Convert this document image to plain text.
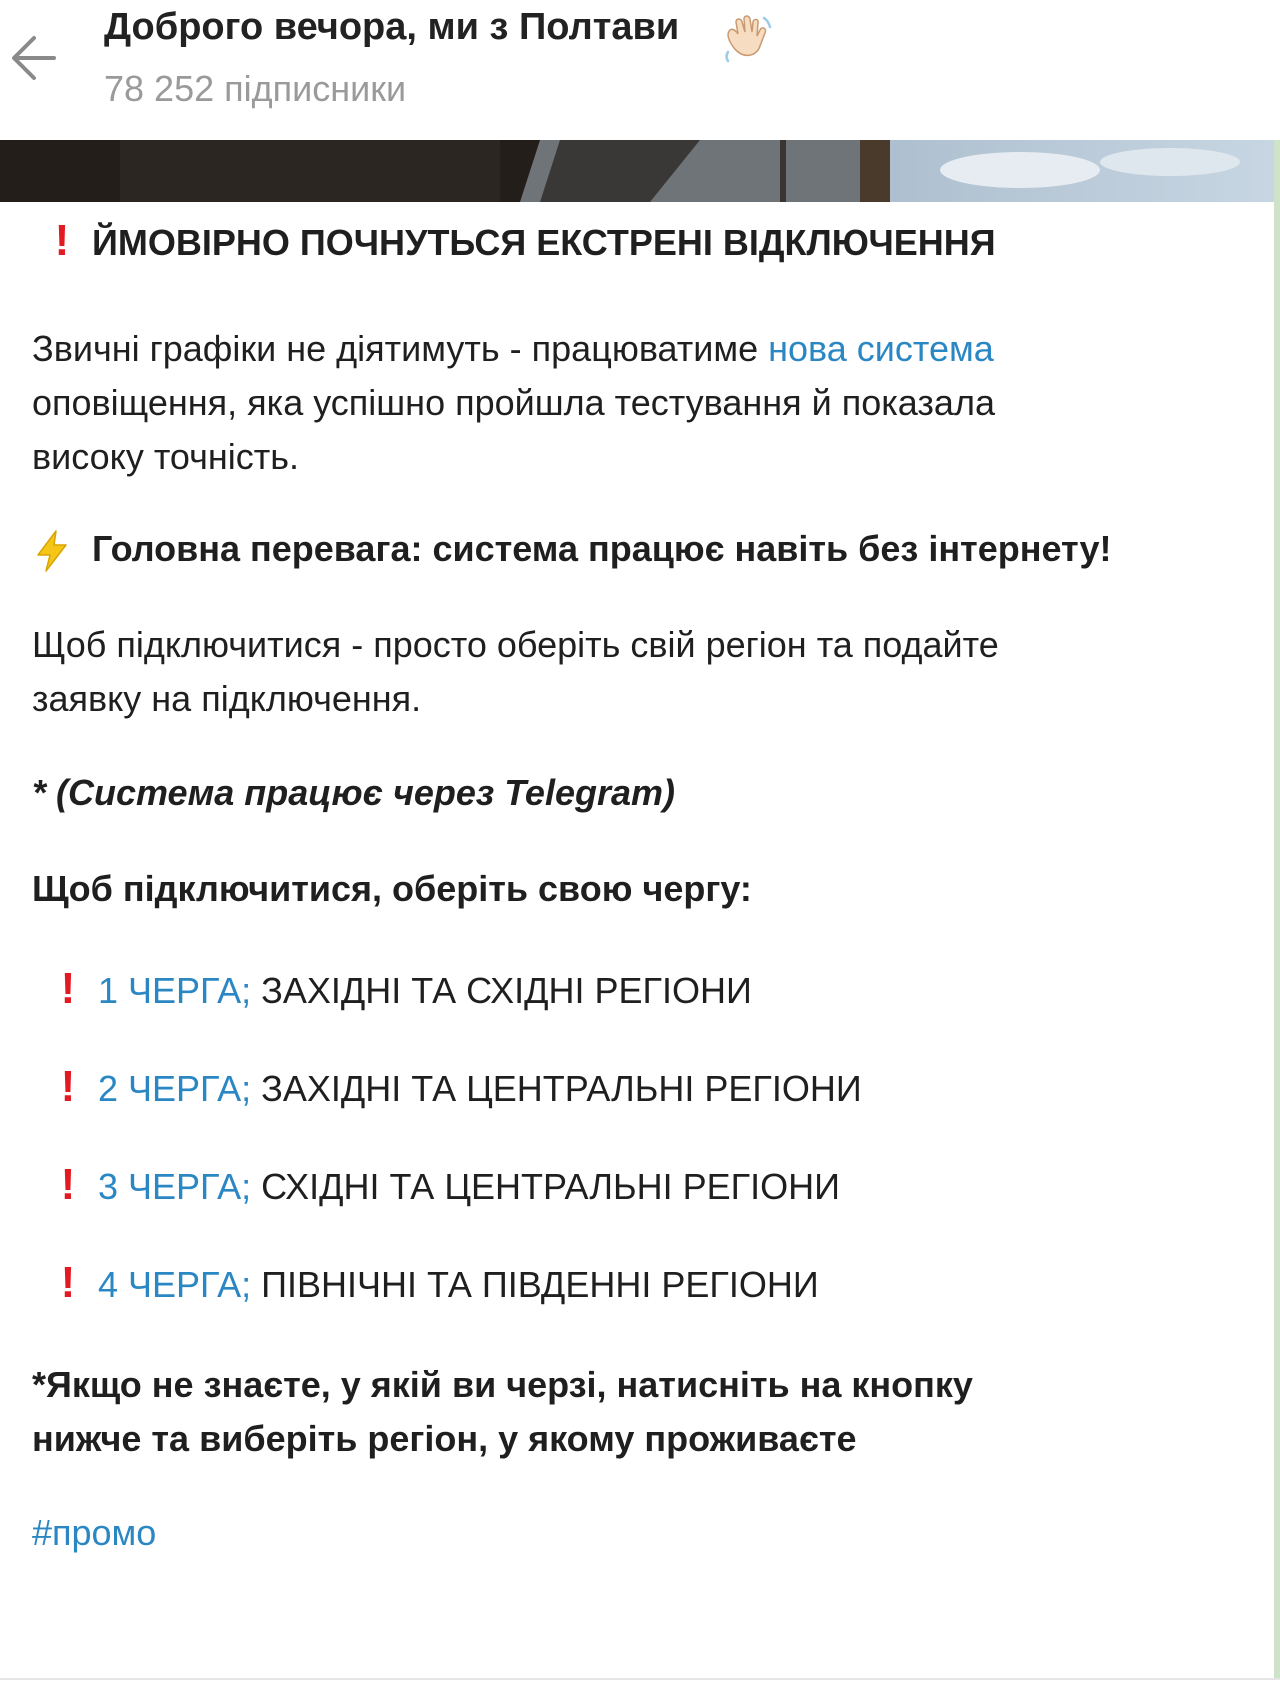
Доброго вечора, ми з Полтави
78 252 підписники
! ЙМОВІРНО ПОЧНУТЬСЯ ЕКСТРЕНІ ВІДКЛЮЧЕННЯ
Звичні графіки не діятимуть - працюватиме нова система
оповіщення, яка успішно пройшла тестування й показала
високу точність.
Головна перевага: система працює навіть без інтернету!
Щоб підключитися - просто оберіть свій регіон та подайте
заявку на підключення.
* (Система працює через Telegram)
Щоб підключитися, оберіть свою чергу:
! 1 ЧЕРГА; ЗАХІДНІ ТА СХІДНІ РЕГІОНИ
! 2 ЧЕРГА; ЗАХІДНІ ТА ЦЕНТРАЛЬНІ РЕГІОНИ
! 3 ЧЕРГА; СХІДНІ ТА ЦЕНТРАЛЬНІ РЕГІОНИ
! 4 ЧЕРГА; ПІВНІЧНІ ТА ПІВДЕННІ РЕГІОНИ
*Якщо не знаєте, у якій ви черзі, натисніть на кнопку
нижче та виберіть регіон, у якому проживаєте
#промо
